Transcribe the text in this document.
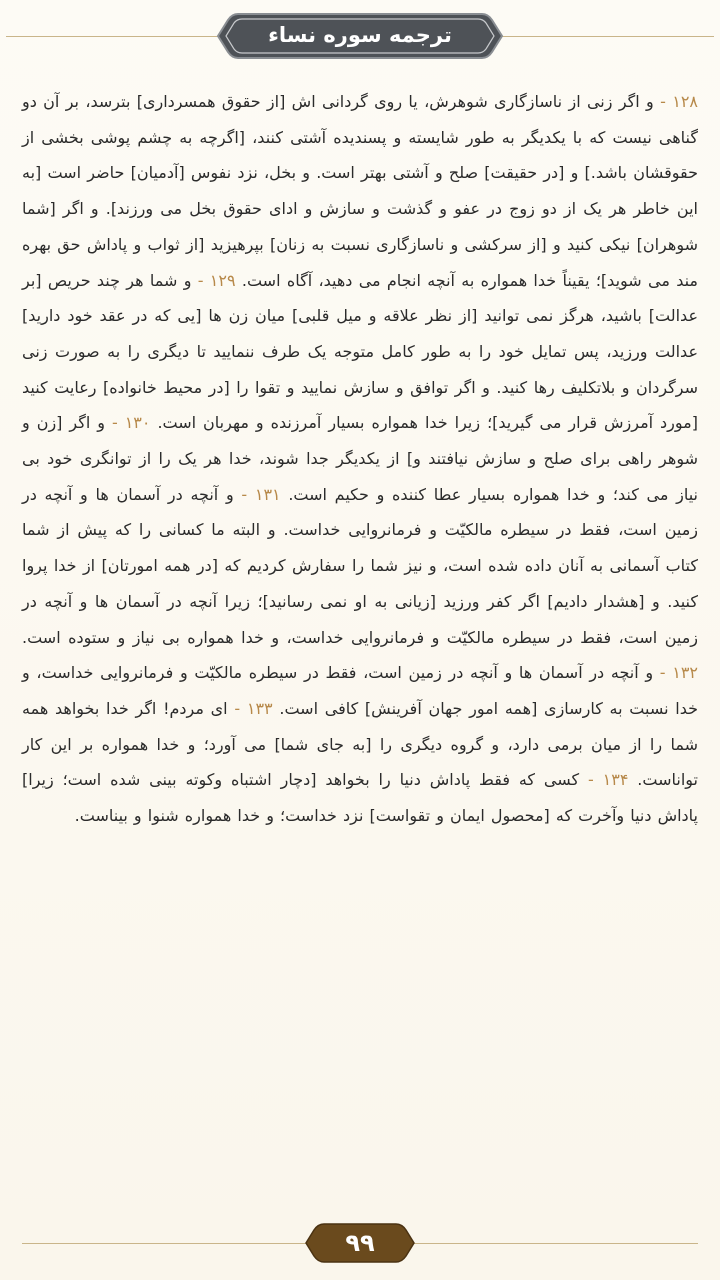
ترجمه سوره نساء
۱۲۸ - و اگر زنی از ناسازگاری شوهرش، یا روی گردانی اش [از حقوق همسرداری] بترسد، بر آن دو گناهی نیست که با یکدیگر به طور شایسته و پسندیده آشتی کنند، [اگرچه به چشم پوشی بخشی از حقوقشان باشد.] و [در حقیقت] صلح و آشتی بهتر است. و بخل، نزد نفوس [آدمیان] حاضر است [به این خاطر هر یک از دو زوج در عفو و گذشت و سازش و ادای حقوق بخل می ورزند]. و اگر [شما شوهران] نیکی کنید و [از سرکشی و ناسازگاری نسبت به زنان] بپرهیزید [از ثواب و پاداش حق بهره مند می شوید]؛ یقیناً خدا همواره به آنچه انجام می دهید، آگاه است. ۱۲۹ - و شما هر چند حریص [بر عدالت] باشید، هرگز نمی توانید [از نظر علاقه و میل قلبی] میان زن ها [یی که در عقد خود دارید] عدالت ورزید، پس تمایل خود را به طور کامل متوجه یک طرف ننمایید تا دیگری را به صورت زنی سرگردان و بلاتکلیف رها کنید. و اگر توافق و سازش نمایید و تقوا را [در محیط خانواده] رعایت کنید [مورد آمرزش قرار می گیرید]؛ زیرا خدا همواره بسیار آمرزنده و مهربان است. ۱۳۰ - و اگر [زن و شوهر راهی برای صلح و سازش نیافتند و] از یکدیگر جدا شوند، خدا هر یک را از توانگری خود بی نیاز می کند؛ و خدا همواره بسیار عطا کننده و حکیم است. ۱۳۱ - و آنچه در آسمان ها و آنچه در زمین است، فقط در سیطره مالکیّت و فرمانروایی خداست. و البته ما کسانی را که پیش از شما کتاب آسمانی به آنان داده شده است، و نیز شما را سفارش کردیم که [در همه امورتان] از خدا پروا کنید. و [هشدار دادیم] اگر کفر ورزید [زیانی به او نمی رسانید]؛ زیرا آنچه در آسمان ها و آنچه در زمین است، فقط در سیطره مالکیّت و فرمانروایی خداست، و خدا همواره بی نیاز و ستوده است. ۱۳۲ - و آنچه در آسمان ها و آنچه در زمین است، فقط در سیطره مالکیّت و فرمانروایی خداست، و خدا نسبت به کارسازی [همه امور جهان آفرینش] کافی است. ۱۳۳ - ای مردم! اگر خدا بخواهد همه شما را از میان برمی دارد، و گروه دیگری را [به جای شما] می آورد؛ و خدا همواره بر این کار تواناست. ۱۳۴ - کسی که فقط پاداش دنیا را بخواهد [دچار اشتباه وکوته بینی شده است؛ زیرا] پاداش دنیا وآخرت که [محصول ایمان و تقواست] نزد خداست؛ و خدا همواره شنوا و بیناست.
۹۹
